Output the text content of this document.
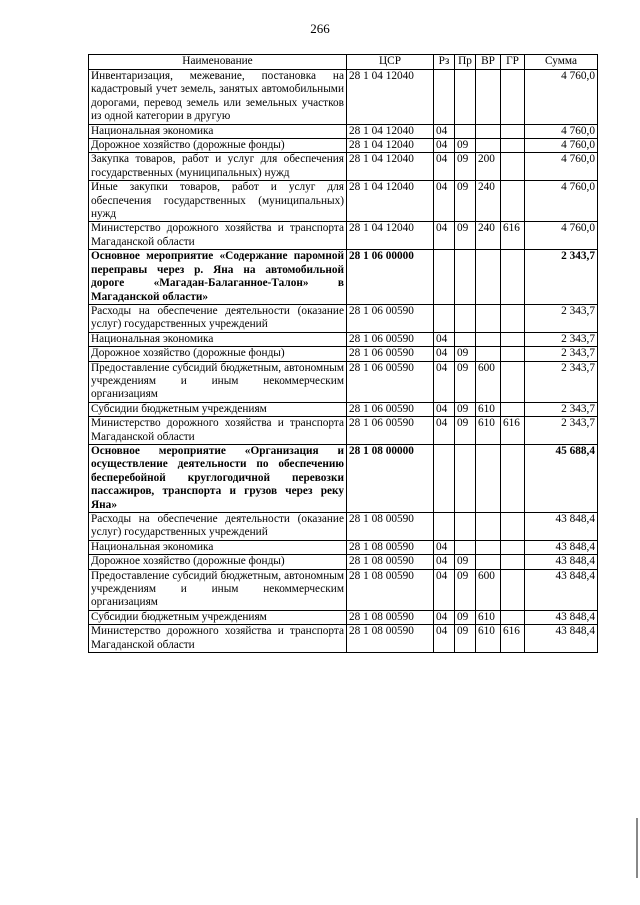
266
Наименование	ЦСР	Рз	Пр	ВР	ГР	Сумма
Инвентаризация, межевание, постановка на кадастровый учет земель, занятых автомобильными дорогами, перевод земель или земельных участков из одной категории в другую	28 1 04 12040					4 760,0
Национальная экономика	28 1 04 12040	04				4 760,0
Дорожное хозяйство (дорожные фонды)	28 1 04 12040	04	09			4 760,0
Закупка товаров, работ и услуг для обеспечения государственных (муниципальных) нужд	28 1 04 12040	04	09	200		4 760,0
Иные закупки товаров, работ и услуг для обеспечения государственных (муниципальных) нужд	28 1 04 12040	04	09	240		4 760,0
Министерство дорожного хозяйства и транспорта Магаданской области	28 1 04 12040	04	09	240	616	4 760,0
Основное мероприятие «Содержание паромной переправы через р. Яна на автомобильной дороге «Магадан-Балаганное-Талон» в Магаданской области»	28 1 06 00000					2 343,7
Расходы на обеспечение деятельности (оказание услуг) государственных учреждений	28 1 06 00590					2 343,7
Национальная экономика	28 1 06 00590	04				2 343,7
Дорожное хозяйство (дорожные фонды)	28 1 06 00590	04	09			2 343,7
Предоставление субсидий бюджетным, автономным учреждениям и иным некоммерческим организациям	28 1 06 00590	04	09	600		2 343,7
Субсидии бюджетным учреждениям	28 1 06 00590	04	09	610		2 343,7
Министерство дорожного хозяйства и транспорта Магаданской области	28 1 06 00590	04	09	610	616	2 343,7
Основное мероприятие «Организация и осуществление деятельности по обеспечению бесперебойной круглогодичной перевозки пассажиров, транспорта и грузов через реку Яна»	28 1 08 00000					45 688,4
Расходы на обеспечение деятельности (оказание услуг) государственных учреждений	28 1 08 00590					43 848,4
Национальная экономика	28 1 08 00590	04				43 848,4
Дорожное хозяйство (дорожные фонды)	28 1 08 00590	04	09			43 848,4
Предоставление субсидий бюджетным, автономным учреждениям и иным некоммерческим организациям	28 1 08 00590	04	09	600		43 848,4
Субсидии бюджетным учреждениям	28 1 08 00590	04	09	610		43 848,4
Министерство дорожного хозяйства и транспорта Магаданской области	28 1 08 00590	04	09	610	616	43 848,4
